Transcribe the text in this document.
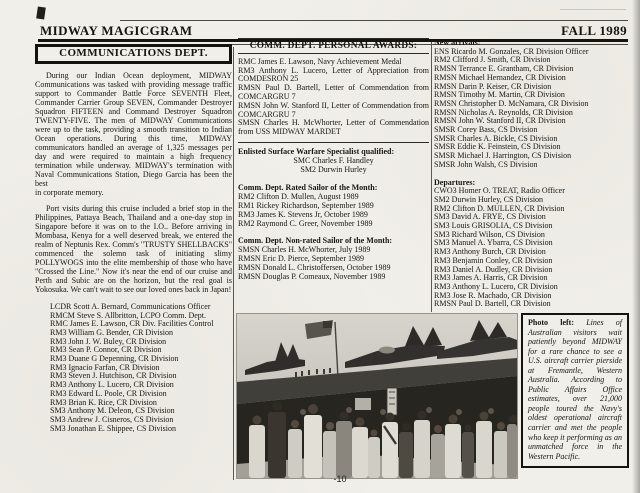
MIDWAY MAGICGRAM	FALL 1989
COMMUNICATIONS DEPT.
During our Indian Ocean deployment, MIDWAY Communications was tasked with providing message traffic support to Commander Battle Force SEVENTH Fleet, Commander Carrier Group SEVEN, Commander Destroyer Squadron FIFTEEN and Command Destroyer Squadron TWENTY-FIVE. The men of MIDWAY Communications were up to the task, providing a smooth transition to Indian Ocean operations. During this time, MIDWAY communicators handled an average of 1,325 messages per day and were required to maintain a high frequency termination while underway. MIDWAY's termination with Naval Communications Station, Diego Garcia has been the best
in corporate memory.
Port visits during this cruise included a brief stop in the Philippines, Pattaya Beach, Thailand and a one-day stop in Singapore before it was on to the I.O.. Before arriving in Mombasa, Kenya for a well deserved break, we entered the realm of Neptunis Rex. Comm's "TRUSTY SHELLBACKS" commenced the solemn task of initiating slimy POLLYWOGS into the elite membership of those who have "Crossed the Line." Now it's near the end of our cruise and Perth and Subic are on the horizon, but the real goal is Yokosuka. We can't wait to see our loved ones back in Japan!
LCDR Scott A. Bernard, Communications Officer
RMCM Steve S. Allbritton, LCPO Comm. Dept.
RMC James E. Lawson, CR Div. Facilities Control
RM3 William G. Bender, CR Division
RM3 John J. W. Buley, CR Division
RM3 Sean P. Connor, CR Division
RM3 Duane G Depenning, CR Division
RM3 Ignacio Farfan, CR Division
RM3 Steven J. Hutchison, CR Division
RM3 Anthony L. Lucero, CR Division
RM3 Edward L. Poole, CR Division
RM3 Brian K. Rice, CR Division
SM3 Anthony M. Deleon, CS Division
SM3 Andrew J. Cisneros, CS Division
SM3 Jonathan E. Shippee, CS Division
COMM. DEPT. PERSONAL AWARDS:
RMC James E. Lawson, Navy Achievement Medal
RM3 Anthony L. Lucero, Letter of Appreciation from COMDESRON 25
RMSN Paul D. Bartell, Letter of Commendation from COMCARGRU 7
RMSN John W. Stanford II, Letter of Commendation from COMCARGRU 7
SMSN Charles H. McWhorter, Letter of Commendation from USS MIDWAY MARDET
Enlisted Surface Warfare Specialist qualified:
SMC Charles F. Handley
SM2 Durwin Hurley
Comm. Dept. Rated Sailor of the Month:
RM2 Clifton D. Mullen, August 1989
RM1 Rickey Richardson, September 1989
RM3 James K. Stevens Jr, October 1989
RM2 Raymond C. Greer, November 1989
Comm. Dept. Non-rated Sailor of the Month:
SMSN Charles H. McWhorter, July 1989
RMSN Eric D. Pierce, September 1989
RMSN Donald L. Christoffersen, October 1989
RMSN Douglas P. Comeaux, November 1989
New arrivals:
ENS Ricardo M. Gonzales, CR Division Officer
RM2 Clifford J. Smith, CR Division
RMSN Terrance E. Grantham, CR Division
RMSN Michael Hernandez, CR Division
RMSN Darin P. Keiser, CR Division
RMSN Timothy M. Martin, CR Division
RMSN Christopher D. McNamara, CR Division
RMSN Nicholas A. Reynolds, CR Division
RMSN John W. Stanford II, CR Division
SMSR Corey Bass, CS Division
SMSR Charles A. Bickle, CS Division
SMSR Eddie K. Feinstein, CS Division
SMSR Michael J. Harrington, CS Division
SMSR John Walsh, CS Division
Departures:
CWO3 Homer O. TREAT, Radio Officer
SM2 Durwin Hurley, CS Division
RM2 Clifton D. MULLEN, CR Division
SM3 David A. FRYE, CS Division
SM3 Louis GRISOLIA, CS Division
SM3 Richard Wilson, CS Division
SM3 Manuel A. Ybarra, CS Division
RM3 Anthony Burch, CR Division
RM3 Benjamin Conley, CR Division
RM3 Daniel A. Dudley, CR Division
RM3 James A. Harris, CR Division
RM3 Anthony L. Lucero, CR Division
RM3 Jose R. Machado, CR Division
RMSN Paul D. Bartell, CR Division
Photo left: Lines of Australian visitors wait patiently beyond MIDWAY for a rare chance to see a U.S. aircraft carrier pierside at Fremantle, Western Australia. According to Public Affairs Office estimates, over 21,000 people toured the Navy's oldest operational aircraft carrier and met the people who keep it performing as an unmatched force in the Western Pacific.
-10
